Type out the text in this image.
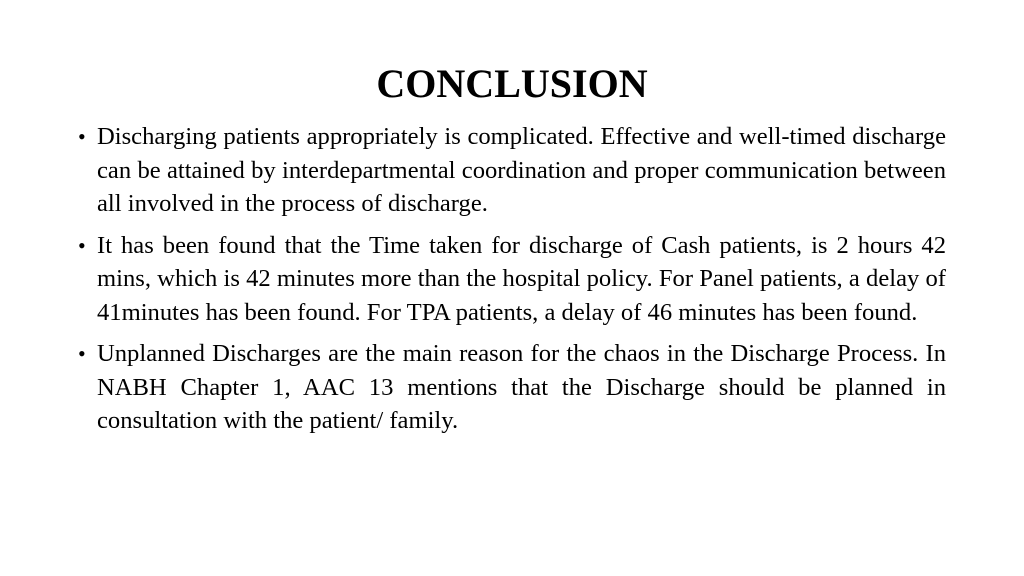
CONCLUSION
• Discharging patients appropriately is complicated. Effective and well-timed discharge can be attained by interdepartmental coordination and proper communication between all involved in the process of discharge.
• It has been found that the Time taken for discharge of Cash patients, is 2 hours 42 mins, which is 42 minutes more than the hospital policy. For Panel patients, a delay of 41minutes has been found. For TPA patients, a delay of 46 minutes has been found.
• Unplanned Discharges are the main reason for the chaos in the Discharge Process. In NABH Chapter 1, AAC 13 mentions that the Discharge should be planned in consultation with the patient/ family.
